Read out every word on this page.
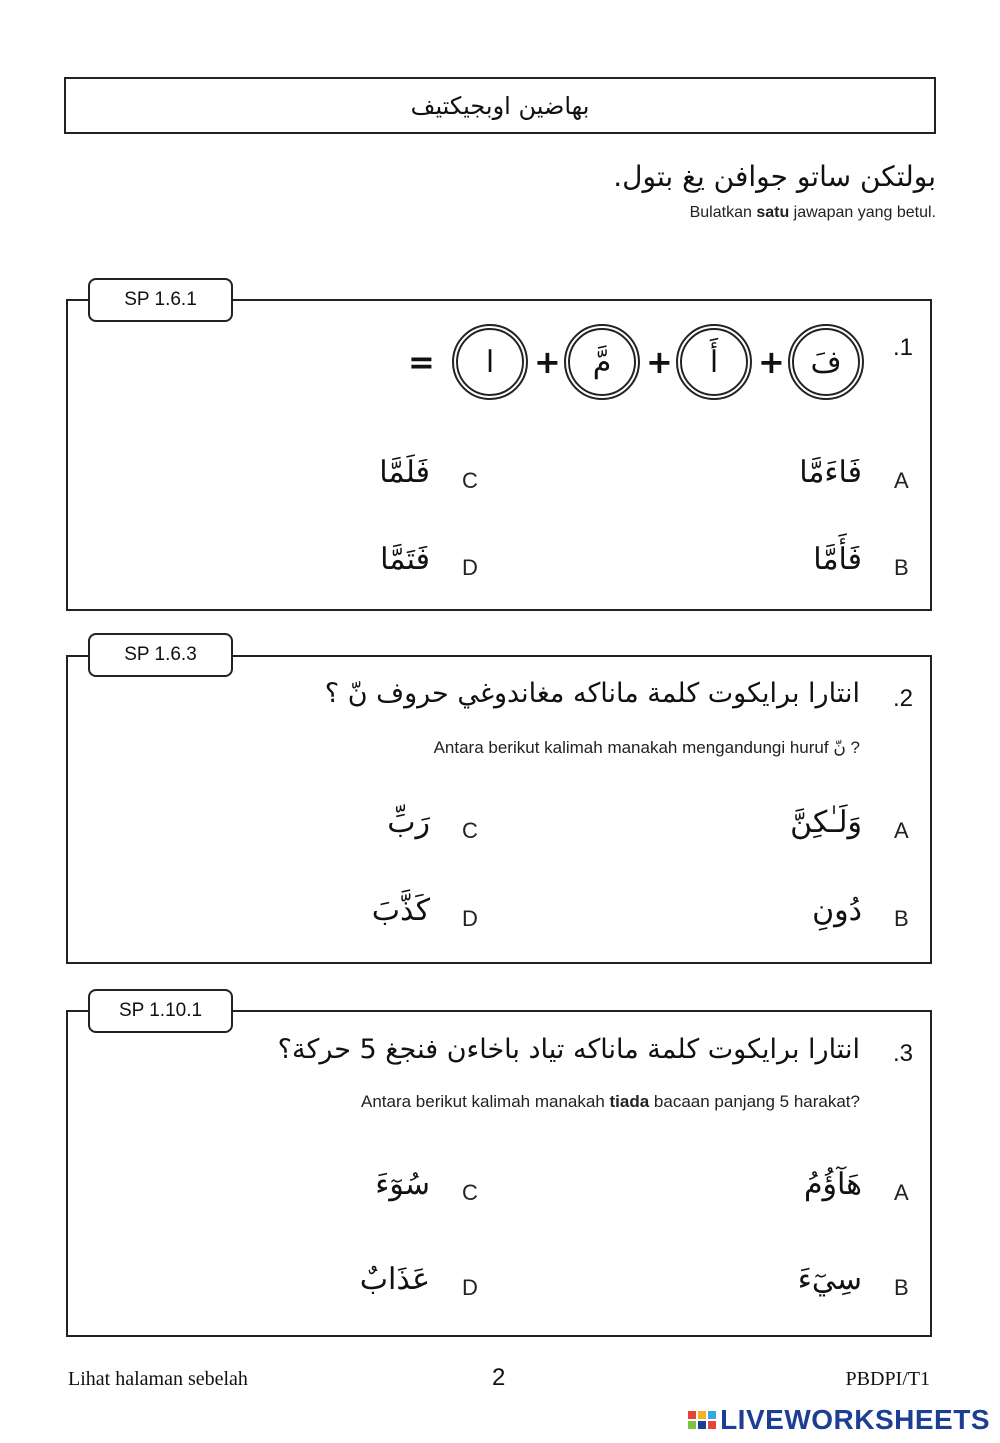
بهاضين اوبجيکتيف
بولتکن ساتو جوافن يغ بتول.
Bulatkan satu jawapan yang betul.
SP 1.6.1
.1
فَ
+
أَ
+
مَّ
+
ا
=
A
فَاءَمَّا
B
فَأَمَّا
C
فَلَمَّا
D
فَتَمَّا
SP 1.6.3
.2
انتارا برايکوت کلمة ماناکه مغاندوغي حروف نّ ؟
Antara berikut kalimah manakah mengandungi huruf نّ ?
A
وَلَـٰكِنَّ
B
دُونِ
C
رَبِّ
D
كَذَّبَ
SP 1.10.1
.3
انتارا برايکوت کلمة ماناکه تياد باخاءن فنجغ 5 حرکة؟
Antara berikut kalimah manakah tiada bacaan panjang 5 harakat?
A
هَآؤُمُ
B
سِيٓءَ
C
سُوٓءَ
D
عَذَابٌ
Lihat halaman sebelah	2	PBDPI/T1
LIVEWORKSHEETS
